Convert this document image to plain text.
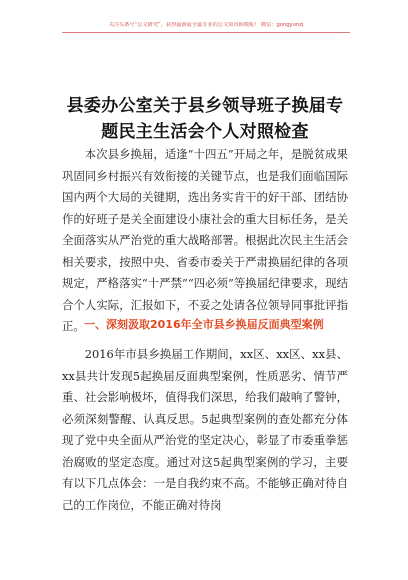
关注头条号“公文研究”，获得最新最全最专业的公文资讯和模板！ 微信：gongyunzj
县委办公室关于县乡领导班子换届专题民主生活会个人对照检查

本次县乡换届，适逢“十四五”开局之年，是脱贫成果巩固同乡村振兴有效衔接的关键节点，也是我们面临国际国内两个大局的关键期，选出务实肯干的好干部、团结协作的好班子是关全面建设小康社会的重大目标任务，是关全面落实从严治党的重大战略部署。根据此次民主生活会相关要求，按照中央、省委市委关于严肃换届纪律的各项规定，严格落实“十严禁”“四必须”等换届纪律要求，现结合个人实际，汇报如下，不妥之处请各位领导同事批评指正。 一、深刻汲取2016年全市县乡换届反面典型案例

2016年市县乡换届工作期间，xx区、xx区、xx县、xx县共计发现5起换届反面典型案例，性质恶劣、情节严重、社会影响极坏，值得我们深思，给我们敲响了警钟，必须深刻警醒、认真反思。5起典型案例的查处都充分体现了党中央全面从严治党的坚定决心，彰显了市委重拳惩治腐败的坚定态度。通过对这5起典型案例的学习，主要有以下几点体会：一是自我约束不高。不能够正确对待自己的工作岗位，不能正确对待岗
